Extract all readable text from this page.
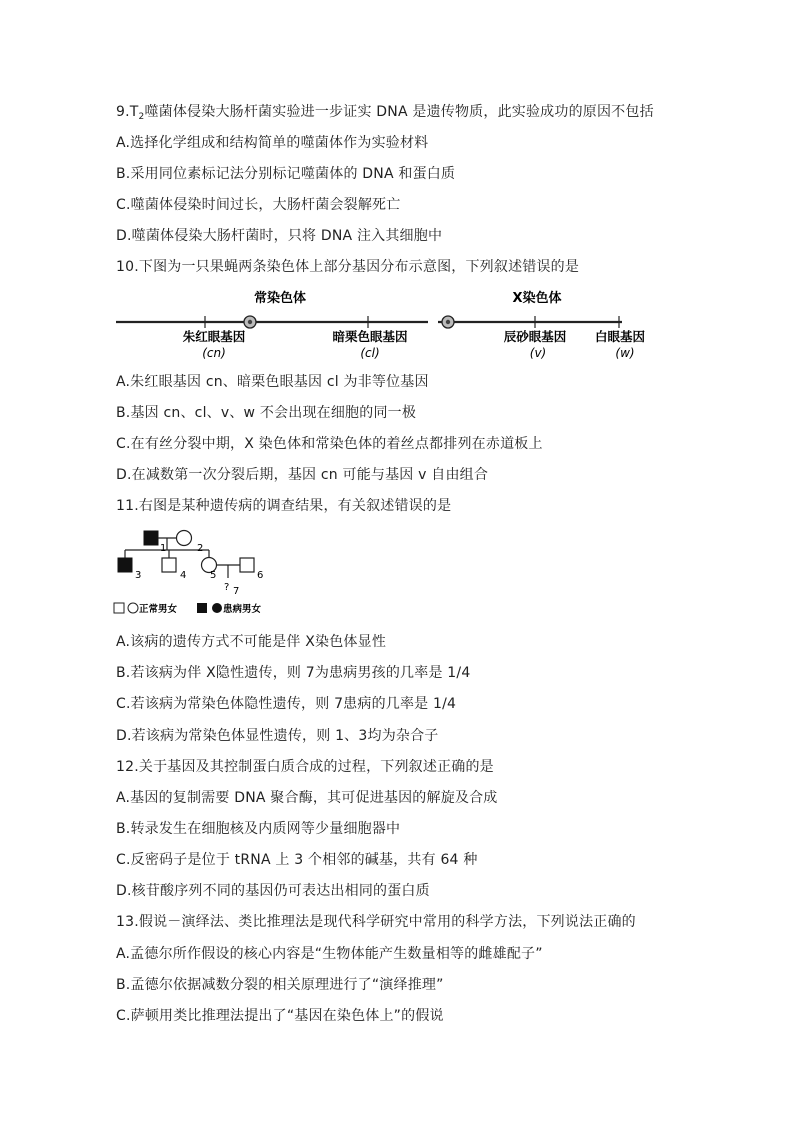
$9.T_2$噬菌体侵染大肠杆菌实验进一步证实 DNA 是遗传物质，此实验成功的原因不包括
A.选择化学组成和结构简单的噬菌体作为实验材料
B.采用同位素标记法分别标记噬菌体的 DNA 和蛋白质
C.噬菌体侵染时间过长，大肠杆菌会裂解死亡
D.噬菌体侵染大肠杆菌时，只将 DNA 注入其细胞中
10.下图为一只果蝇两条染色体上部分基因分布示意图，下列叙述错误的是
常染色体
朱红眼基因
(cn)
暗栗色眼基因
(cl)
X染色体
辰砂眼基因
(v)
白眼基因
(w)
A.朱红眼基因 cn、暗栗色眼基因 cl 为非等位基因
B.基因 cn、cl、v、w 不会出现在细胞的同一极
C.在有丝分裂中期，X 染色体和常染色体的着丝点都排列在赤道板上
D.在减数第一次分裂后期，基因 cn 可能与基因 v 自由组合
11.右图是某种遗传病的调查结果，有关叙述错误的是
1	2
3	4 5	6
? 7
正常男女	患病男女
A.该病的遗传方式不可能是伴 X染色体显性
B.若该病为伴 X隐性遗传，则 7为患病男孩的几率是 1/4
C.若该病为常染色体隐性遗传，则 7患病的几率是 1/4
D.若该病为常染色体显性遗传，则 1、3均为杂合子
12.关于基因及其控制蛋白质合成的过程，下列叙述正确的是
A.基因的复制需要 DNA 聚合酶，其可促进基因的解旋及合成
B.转录发生在细胞核及内质网等少量细胞器中
C.反密码子是位于 tRNA 上 3 个相邻的碱基，共有 64 种
D.核苷酸序列不同的基因仍可表达出相同的蛋白质
13.假说－演绎法、类比推理法是现代科学研究中常用的科学方法，下列说法正确的
A.孟德尔所作假设的核心内容是“生物体能产生数量相等的雌雄配子”
B.孟德尔依据减数分裂的相关原理进行了“演绎推理”
C.萨顿用类比推理法提出了“基因在染色体上”的假说
